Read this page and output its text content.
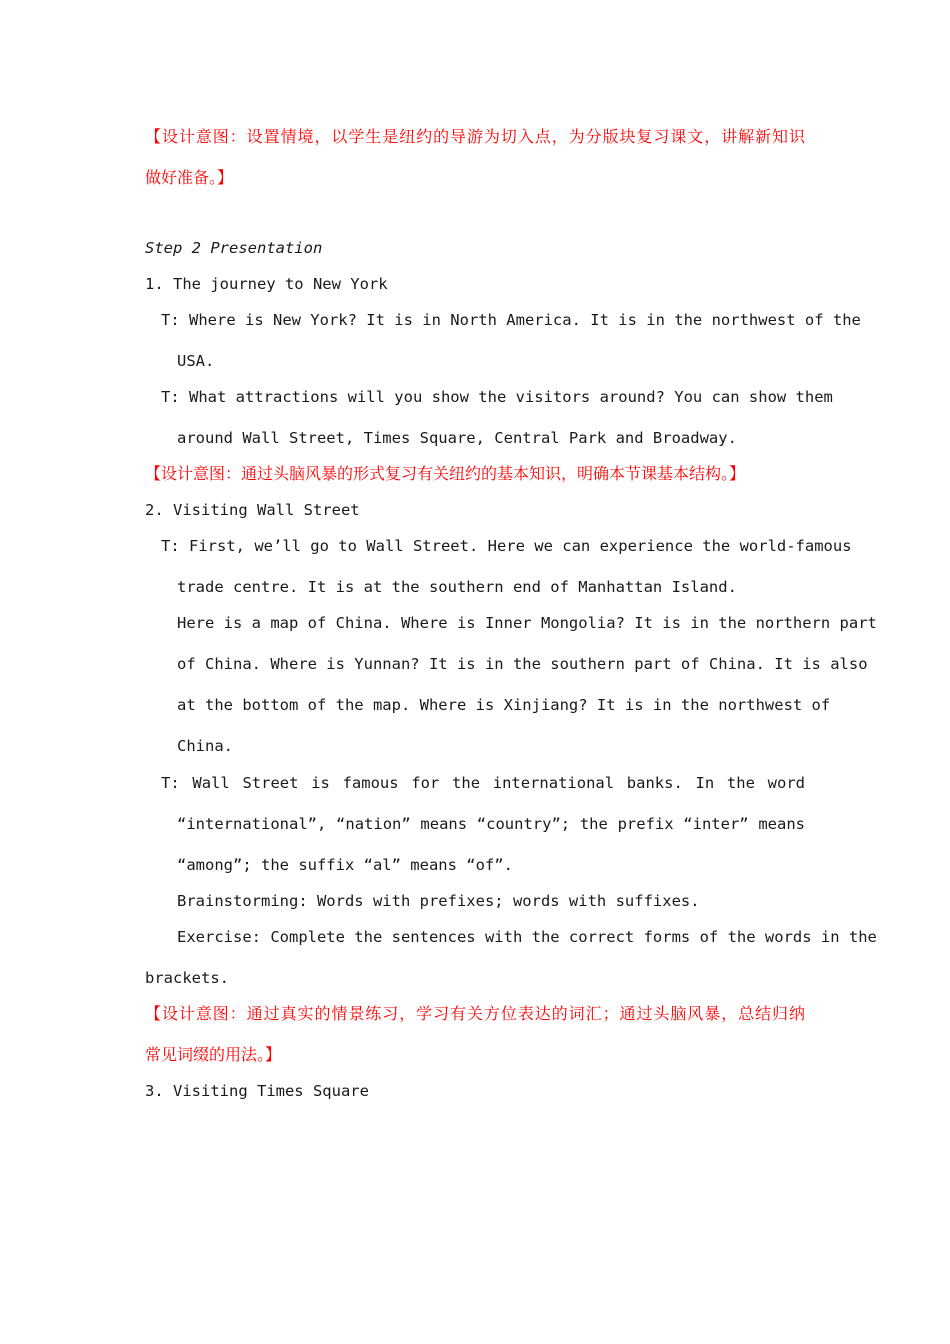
【设计意图：设置情境，以学生是纽约的导游为切入点，为分版块复习课文，讲解新知识
做好准备。】
Step 2 Presentation
1. The journey to New York
T: Where is New York? It is in North America. It is in the northwest of the
USA.
T: What attractions will you show the visitors around? You can show them
around Wall Street, Times Square, Central Park and Broadway.
【设计意图：通过头脑风暴的形式复习有关纽约的基本知识，明确本节课基本结构。】
2. Visiting Wall Street
T: First, we’ll go to Wall Street. Here we can experience the world-famous
trade centre. It is at the southern end of Manhattan Island.
Here is a map of China. Where is Inner Mongolia? It is in the northern part
of China. Where is Yunnan? It is in the southern part of China. It is also
at the bottom of the map. Where is Xinjiang? It is in the northwest of
China.
T: Wall Street is famous for the international banks. In the word
“international”, “nation” means “country”; the prefix “inter” means
“among”; the suffix “al” means “of”.
Brainstorming: Words with prefixes; words with suffixes.
Exercise: Complete the sentences with the correct forms of the words in the
brackets.
【设计意图：通过真实的情景练习，学习有关方位表达的词汇；通过头脑风暴，总结归纳
常见词缀的用法。】
3. Visiting Times Square
